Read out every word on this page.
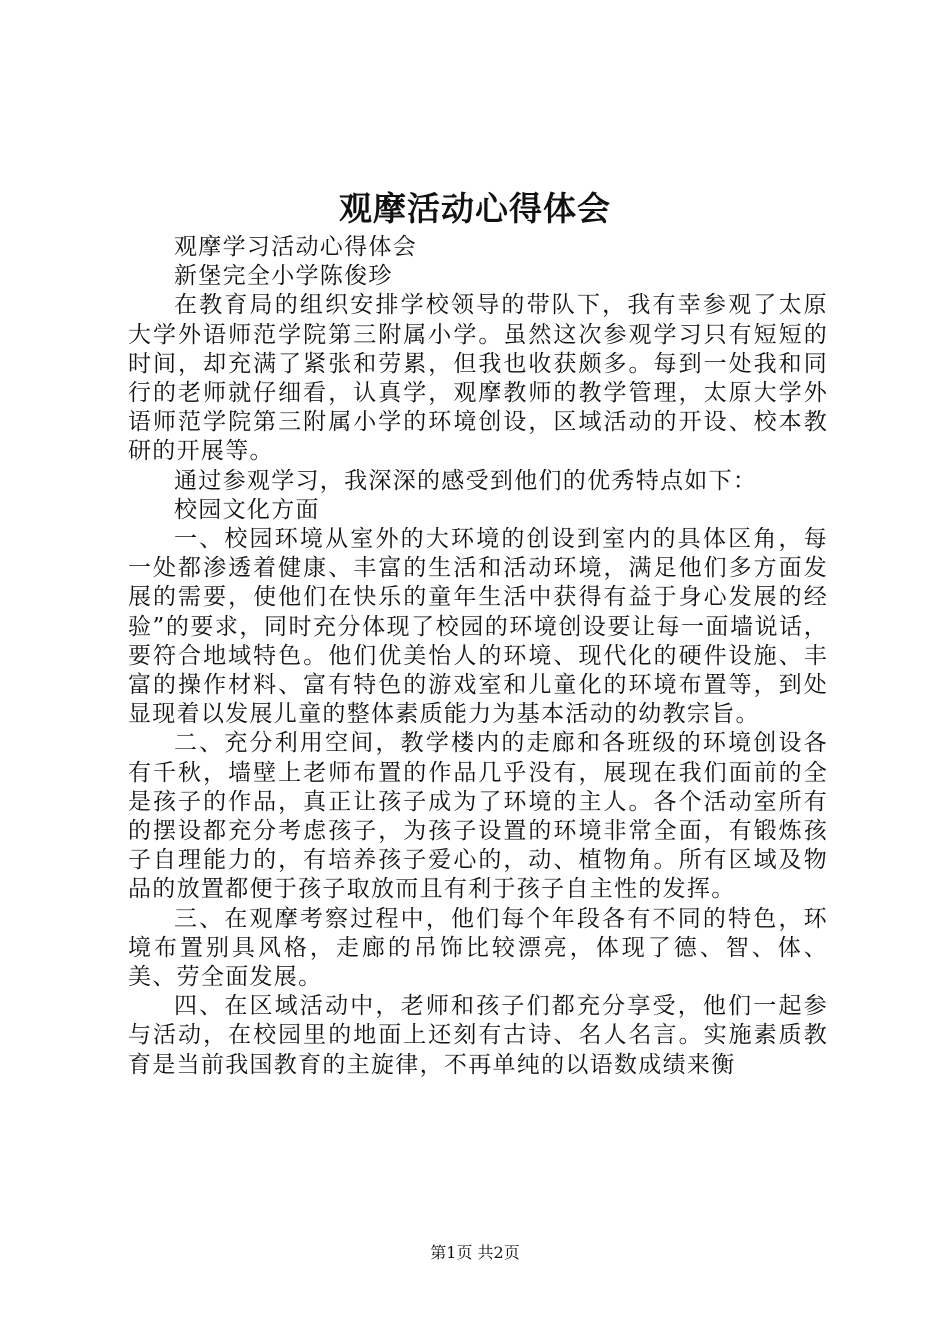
观摩活动心得体会

观摩学习活动心得体会

新堡完全小学陈俊珍

在教育局的组织安排学校领导的带队下，我有幸参观了太原大学外语师范学院第三附属小学。虽然这次参观学习只有短短的时间，却充满了紧张和劳累，但我也收获颇多。每到一处我和同行的老师就仔细看，认真学，观摩教师的教学管理，太原大学外语师范学院第三附属小学的环境创设，区域活动的开设、校本教研的开展等。

通过参观学习，我深深的感受到他们的优秀特点如下：

校园文化方面

一、校园环境从室外的大环境的创设到室内的具体区角，每一处都渗透着健康、丰富的生活和活动环境，满足他们多方面发展的需要，使他们在快乐的童年生活中获得有益于身心发展的经验”的要求，同时充分体现了校园的环境创设要让每一面墙说话，要符合地域特色。他们优美怡人的环境、现代化的硬件设施、丰富的操作材料、富有特色的游戏室和儿童化的环境布置等，到处显现着以发展儿童的整体素质能力为基本活动的幼教宗旨。

二、充分利用空间，教学楼内的走廊和各班级的环境创设各有千秋，墙壁上老师布置的作品几乎没有，展现在我们面前的全是孩子的作品，真正让孩子成为了环境的主人。各个活动室所有的摆设都充分考虑孩子，为孩子设置的环境非常全面，有锻炼孩子自理能力的，有培养孩子爱心的，动、植物角。所有区域及物品的放置都便于孩子取放而且有利于孩子自主性的发挥。

三、在观摩考察过程中，他们每个年段各有不同的特色，环境布置别具风格，走廊的吊饰比较漂亮，体现了德、智、体、美、劳全面发展。

四、在区域活动中，老师和孩子们都充分享受，他们一起参与活动，在校园里的地面上还刻有古诗、名人名言。实施素质教育是当前我国教育的主旋律，不再单纯的以语数成绩来衡

第1页 共2页
